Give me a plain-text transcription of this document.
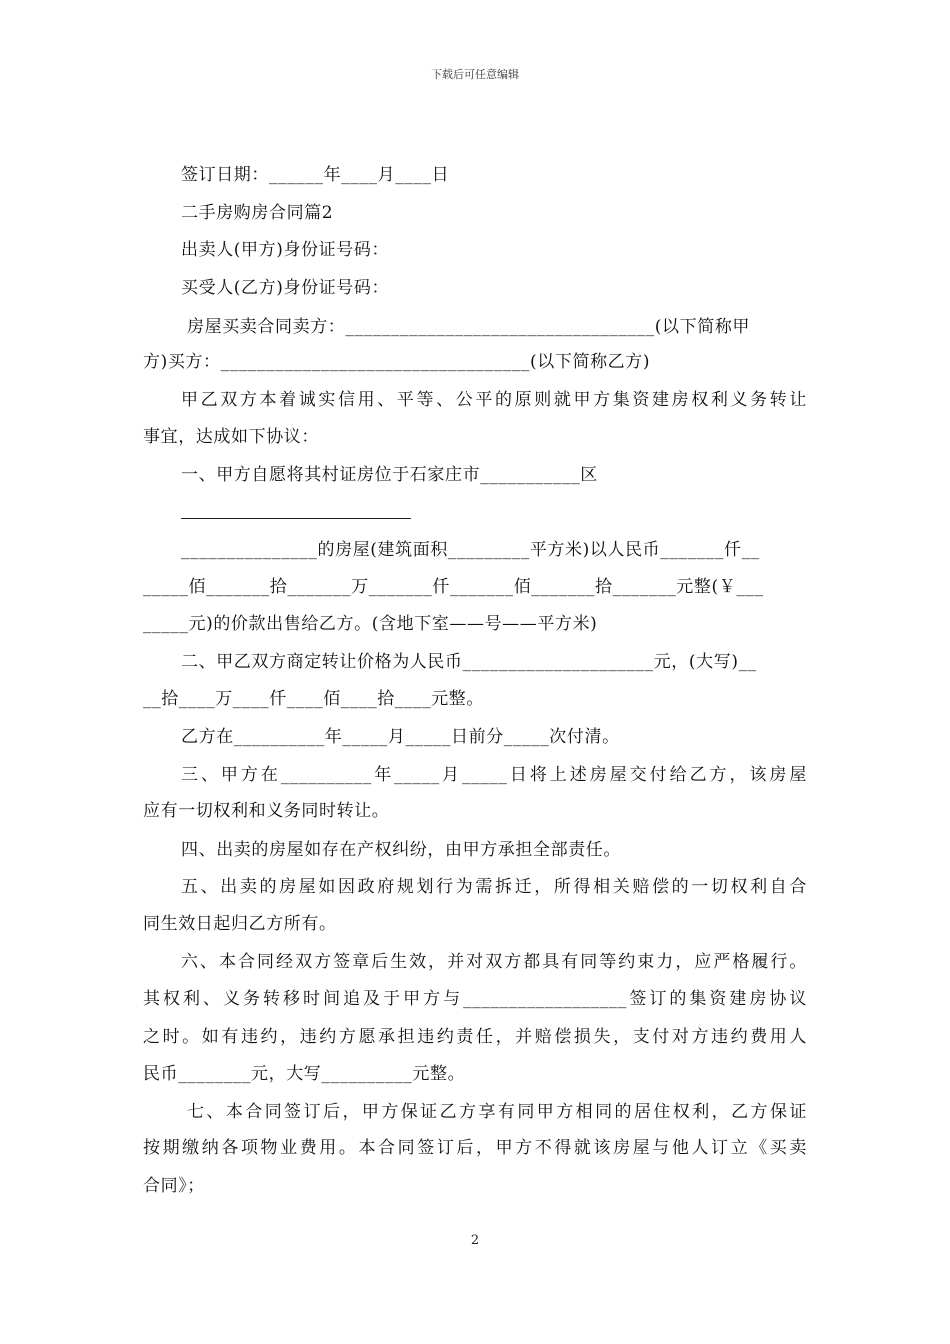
下载后可任意编辑
签订日期：______年____月____日
二手房购房合同篇2
出卖人(甲方)身份证号码：
买受人(乙方)身份证号码：
房屋买卖合同卖方：__________________________________(以下简称甲
方)买方：__________________________________(以下简称乙方)
甲乙双方本着诚实信用、平等、公平的原则就甲方集资建房权利义务转让
事宜，达成如下协议：
一、甲方自愿将其村证房位于石家庄市___________区
_______________的房屋(建筑面积_________平方米)以人民币_______仟__
_____佰_______拾_______万_______仟_______佰_______拾_______元整(￥___
_____元)的价款出售给乙方。(含地下室——号——平方米)
二、甲乙双方商定转让价格为人民币_____________________元，(大写)__
__拾____万____仟____佰____拾____元整。
乙方在__________年_____月_____日前分_____次付清。
三、甲方在__________年_____月_____日将上述房屋交付给乙方，该房屋
应有一切权利和义务同时转让。
四、出卖的房屋如存在产权纠纷，由甲方承担全部责任。
五、出卖的房屋如因政府规划行为需拆迁，所得相关赔偿的一切权利自合
同生效日起归乙方所有。
六、本合同经双方签章后生效，并对双方都具有同等约束力，应严格履行。
其权利、义务转移时间追及于甲方与__________________签订的集资建房协议
之时。如有违约，违约方愿承担违约责任，并赔偿损失，支付对方违约费用人
民币________元，大写__________元整。
七、本合同签订后，甲方保证乙方享有同甲方相同的居住权利，乙方保证
按期缴纳各项物业费用。本合同签订后，甲方不得就该房屋与他人订立《买卖
合同》；
2
